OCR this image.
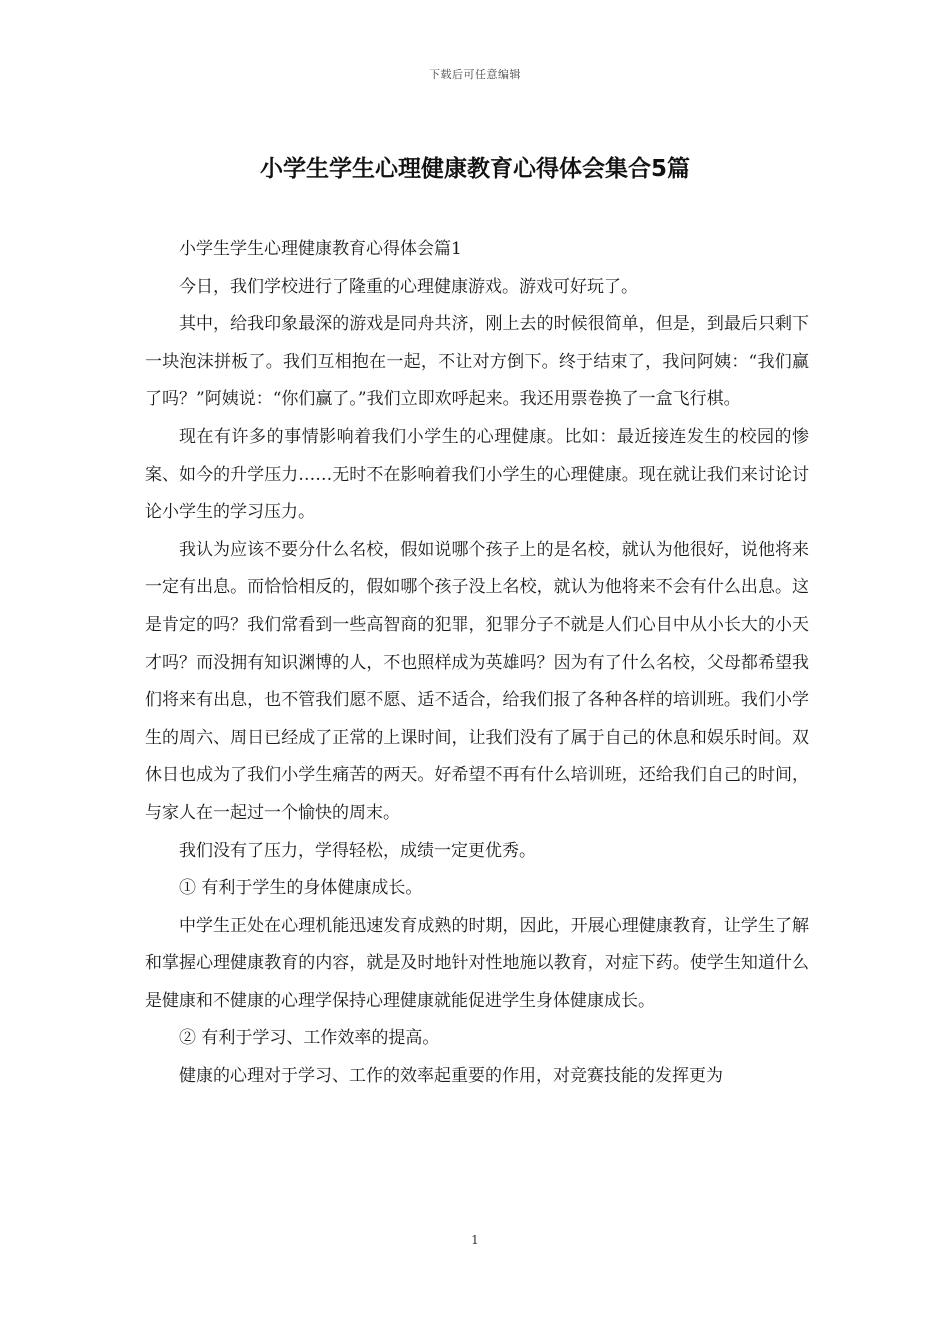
下载后可任意编辑
小学生学生心理健康教育心得体会集合5篇

小学生学生心理健康教育心得体会篇1

今日，我们学校进行了隆重的心理健康游戏。游戏可好玩了。

其中，给我印象最深的游戏是同舟共济，刚上去的时候很简单，但是，到最后只剩下一块泡沫拼板了。我们互相抱在一起，不让对方倒下。终于结束了，我问阿姨：“我们赢了吗？”阿姨说：“你们赢了。”我们立即欢呼起来。我还用票卷换了一盒飞行棋。

现在有许多的事情影响着我们小学生的心理健康。比如：最近接连发生的校园的惨案、如今的升学压力……无时不在影响着我们小学生的心理健康。现在就让我们来讨论讨论小学生的学习压力。

我认为应该不要分什么名校，假如说哪个孩子上的是名校，就认为他很好，说他将来一定有出息。而恰恰相反的，假如哪个孩子没上名校，就认为他将来不会有什么出息。这是肯定的吗？我们常看到一些高智商的犯罪，犯罪分子不就是人们心目中从小长大的小天才吗？而没拥有知识渊博的人，不也照样成为英雄吗？因为有了什么名校，父母都希望我们将来有出息，也不管我们愿不愿、适不适合，给我们报了各种各样的培训班。我们小学生的周六、周日已经成了正常的上课时间，让我们没有了属于自己的休息和娱乐时间。双休日也成为了我们小学生痛苦的两天。好希望不再有什么培训班，还给我们自己的时间，与家人在一起过一个愉快的周末。

我们没有了压力，学得轻松，成绩一定更优秀。

① 有利于学生的身体健康成长。

中学生正处在心理机能迅速发育成熟的时期，因此，开展心理健康教育，让学生了解和掌握心理健康教育的内容，就是及时地针对性地施以教育，对症下药。使学生知道什么是健康和不健康的心理学保持心理健康就能促进学生身体健康成长。

② 有利于学习、工作效率的提高。

健康的心理对于学习、工作的效率起重要的作用，对竞赛技能的发挥更为

1
